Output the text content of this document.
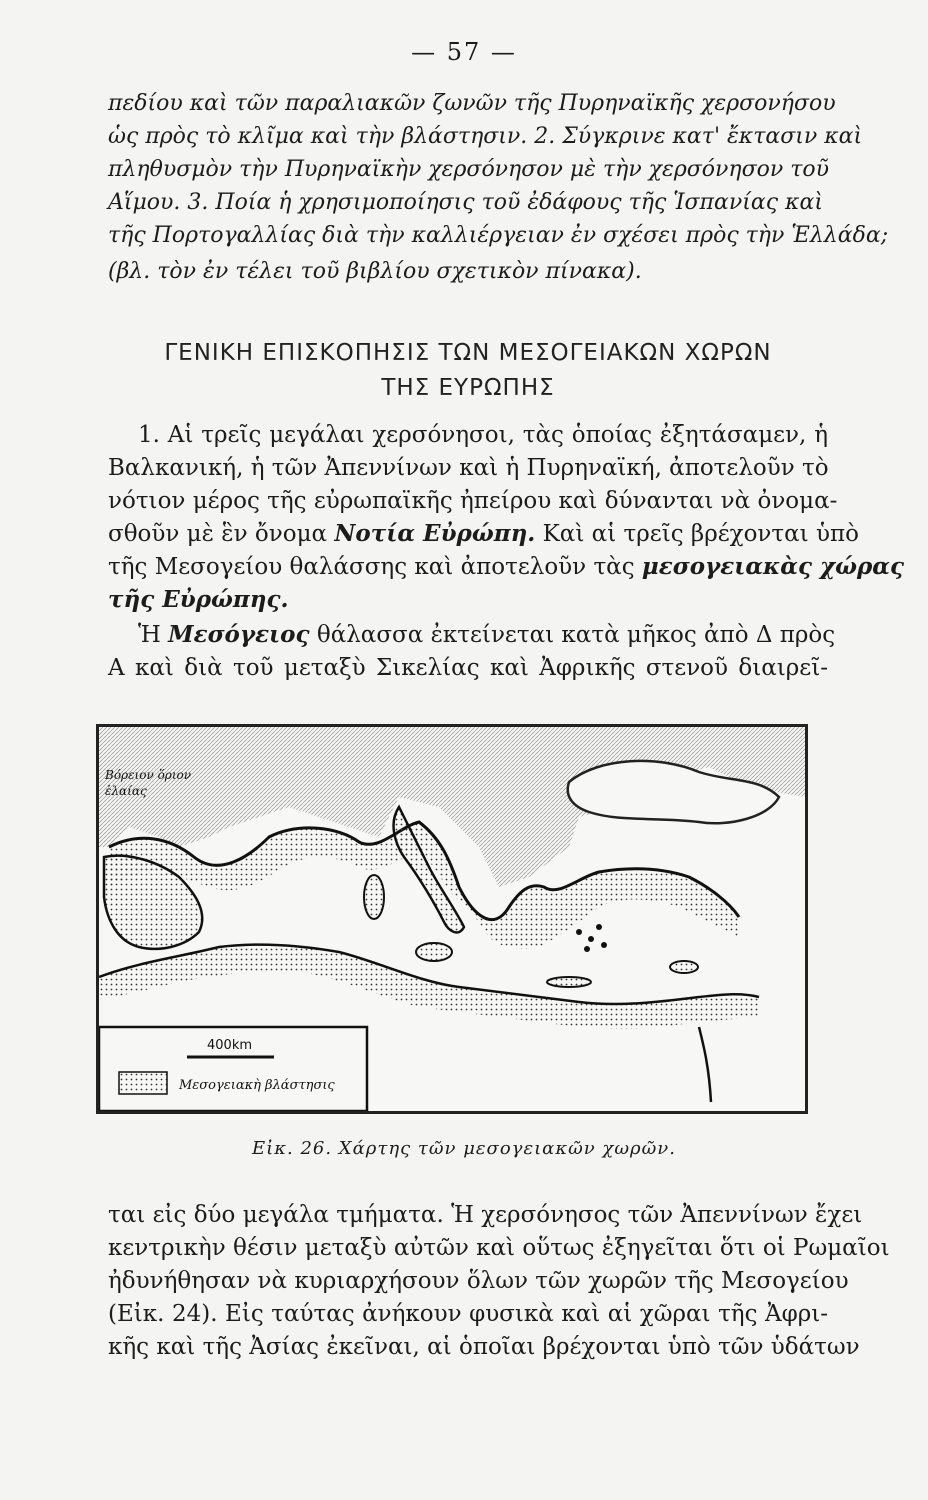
— 57 —
πεδίου καὶ τῶν παραλιακῶν ζωνῶν τῆς Πυρηναϊκῆς χερσονήσου
ὡς πρὸς τὸ κλῖμα καὶ τὴν βλάστησιν. 2. Σύγκρινε κατ' ἔκτασιν καὶ
πληθυσμὸν τὴν Πυρηναϊκὴν χερσόνησον μὲ τὴν χερσόνησον τοῦ
Αἵμου. 3. Ποία ἡ χρησιμοποίησις τοῦ ἐδάφους τῆς Ἱσπανίας καὶ
τῆς Πορτογαλλίας διὰ τὴν καλλιέργειαν ἐν σχέσει πρὸς τὴν Ἑλλάδα;
(βλ. τὸν ἐν τέλει τοῦ βιβλίου σχετικὸν πίνακα).
ΓΕΝΙΚΗ ΕΠΙΣΚΟΠΗΣΙΣ ΤΩΝ ΜΕΣΟΓΕΙΑΚΩΝ ΧΩΡΩΝ
ΤΗΣ ΕΥΡΩΠΗΣ
1. Αἱ τρεῖς μεγάλαι χερσόνησοι, τὰς ὁποίας ἐξητάσαμεν, ἡ
Βαλκανική, ἡ τῶν Ἀπεννίνων καὶ ἡ Πυρηναϊκή, ἀποτελοῦν τὸ
νότιον μέρος τῆς εὐρωπαϊκῆς ἠπείρου καὶ δύνανται νὰ ὀνομα-
σθοῦν μὲ ἓν ὄνομα Νοτία Εὐρώπη. Καὶ αἱ τρεῖς βρέχονται ὑπὸ
τῆς Μεσογείου θαλάσσης καὶ ἀποτελοῦν τὰς μεσογειακὰς χώρας
τῆς Εὐρώπης.
Ἡ Μεσόγειος θάλασσα ἐκτείνεται κατὰ μῆκος ἀπὸ Δ πρὸς
Α καὶ διὰ τοῦ μεταξὺ Σικελίας καὶ Ἀφρικῆς στενοῦ διαιρεῖ-
Βόρειον ὅριον
ἐλαίας
400km
Μεσογειακὴ βλάστησις
Εἰκ. 26. Χάρτης τῶν μεσογειακῶν χωρῶν.
ται εἰς δύο μεγάλα τμήματα. Ἡ χερσόνησος τῶν Ἀπεννίνων ἔχει
κεντρικὴν θέσιν μεταξὺ αὐτῶν καὶ οὕτως ἐξηγεῖται ὅτι οἱ Ρωμαῖοι
ἠδυνήθησαν νὰ κυριαρχήσουν ὅλων τῶν χωρῶν τῆς Μεσογείου
(Εἰκ. 24). Εἰς ταύτας ἀνήκουν φυσικὰ καὶ αἱ χῶραι τῆς Ἀφρι-
κῆς καὶ τῆς Ἀσίας ἐκεῖναι, αἱ ὁποῖαι βρέχονται ὑπὸ τῶν ὑδάτων
